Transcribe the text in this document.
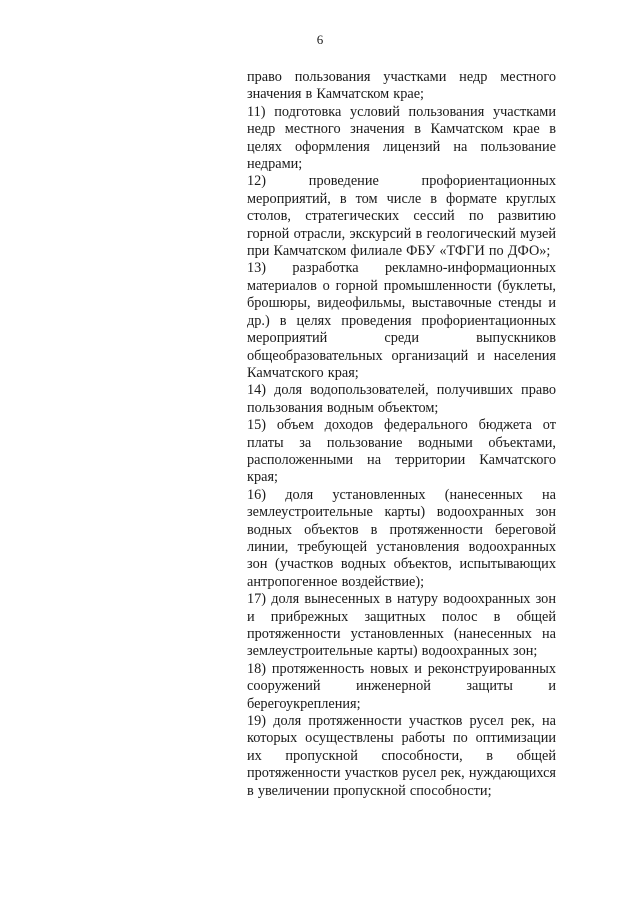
6

право пользования участками недр местного значения в Камчатском крае;

11) подготовка условий пользования участками недр местного значения в Камчатском крае в целях оформления лицензий на пользование недрами;

12) проведение профориентационных мероприятий, в том числе в формате круглых столов, стратегических сессий по развитию горной отрасли, экскурсий в геологический музей при Камчатском филиале ФБУ «ТФГИ по ДФО»;

13) разработка рекламно-информационных материалов о горной промышленности (буклеты, брошюры, видеофильмы, выставочные стенды и др.) в целях проведения профориентационных мероприятий среди выпускников общеобразовательных организаций и населения Камчатского края;

14) доля водопользователей, получивших право пользования водным объектом;

15) объем доходов федерального бюджета от платы за пользование водными объектами, расположенными на территории Камчатского края;

16) доля установленных (нанесенных на землеустроительные карты) водоохранных зон водных объектов в протяженности береговой линии, требующей установления водоохранных зон (участков водных объектов, испытывающих антропогенное воздействие);

17) доля вынесенных в натуру водоохранных зон и прибрежных защитных полос в общей протяженности установленных (нанесенных на землеустроительные карты) водоохранных зон;

18) протяженность новых и реконструированных сооружений инженерной защиты и берегоукрепления;

19) доля протяженности участков русел рек, на которых осуществлены работы по оптимизации их пропускной способности, в общей протяженности участков русел рек, нуждающихся в увеличении пропускной способности;
